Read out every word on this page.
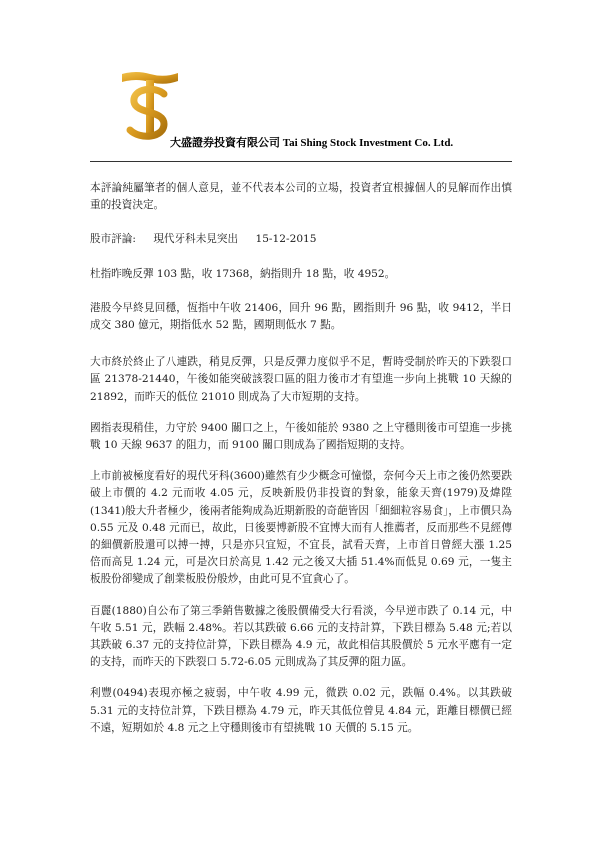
大盛證券投資有限公司 Tai Shing Stock Investment Co. Ltd.

本評論純屬筆者的個人意見，並不代表本公司的立場，投資者宜根據個人的見解而作出慎重的投資決定。

股市評論: 現代牙科未見突出 15-12-2015

杜指昨晚反彈 103 點，收 17368，納指則升 18 點，收 4952。

港股今早終見回穩，恆指中午收 21406，回升 96 點，國指則升 96 點，收 9412，半日成交 380 億元，期指低水 52 點，國期則低水 7 點。

大市終於終止了八連跌，稍見反彈，只是反彈力度似乎不足，暫時受制於昨天的下跌裂口區 21378-21440，午後如能突破該裂口區的阻力後市才有望進一步向上挑戰 10 天線的 21892，而昨天的低位 21010 則成為了大市短期的支持。

國指表現稍佳，力守於 9400 關口之上，午後如能於 9380 之上守穩則後市可望進一步挑戰 10 天線 9637 的阻力，而 9100 關口則成為了國指短期的支持。

上市前被極度看好的現代牙科(3600)雖然有少少概念可憧憬，奈何今天上市之後仍然要跌破上市價的 4.2 元而收 4.05 元，反映新股仍非投資的對象，能象天齊(1979)及煒陞(1341)般大升者極少，後兩者能夠成為近期新股的奇葩皆因「細細粒容易食」，上市價只為 0.55 元及 0.48 元而已，故此，日後要博新股不宜博大而有人推薦者，反而那些不見經傳的細價新股還可以搏一搏，只是亦只宜短，不宜長，試看天齊，上市首日曾經大漲 1.25 倍而高見 1.24 元，可是次日於高見 1.42 元之後又大插 51.4%而低見 0.69 元，一隻主板股份卻變成了創業板股份般炒，由此可見不宜貪心了。

百麗(1880)自公布了第三季銷售數據之後股價備受大行看淡，今早逆市跌了 0.14 元，中午收 5.51 元，跌幅 2.48%。若以其跌破 6.66 元的支持計算，下跌目標為 5.48 元;若以其跌破 6.37 元的支持位計算，下跌目標為 4.9 元，故此相信其股價於 5 元水平應有一定的支持，而昨天的下跌裂口 5.72-6.05 元則成為了其反彈的阻力區。

利豐(0494)表現亦極之疲弱，中午收 4.99 元，微跌 0.02 元，跌幅 0.4%。以其跌破 5.31 元的支持位計算，下跌目標為 4.79 元，昨天其低位曾見 4.84 元，距離目標價已經不遠，短期如於 4.8 元之上守穩則後市有望挑戰 10 天價的 5.15 元。
